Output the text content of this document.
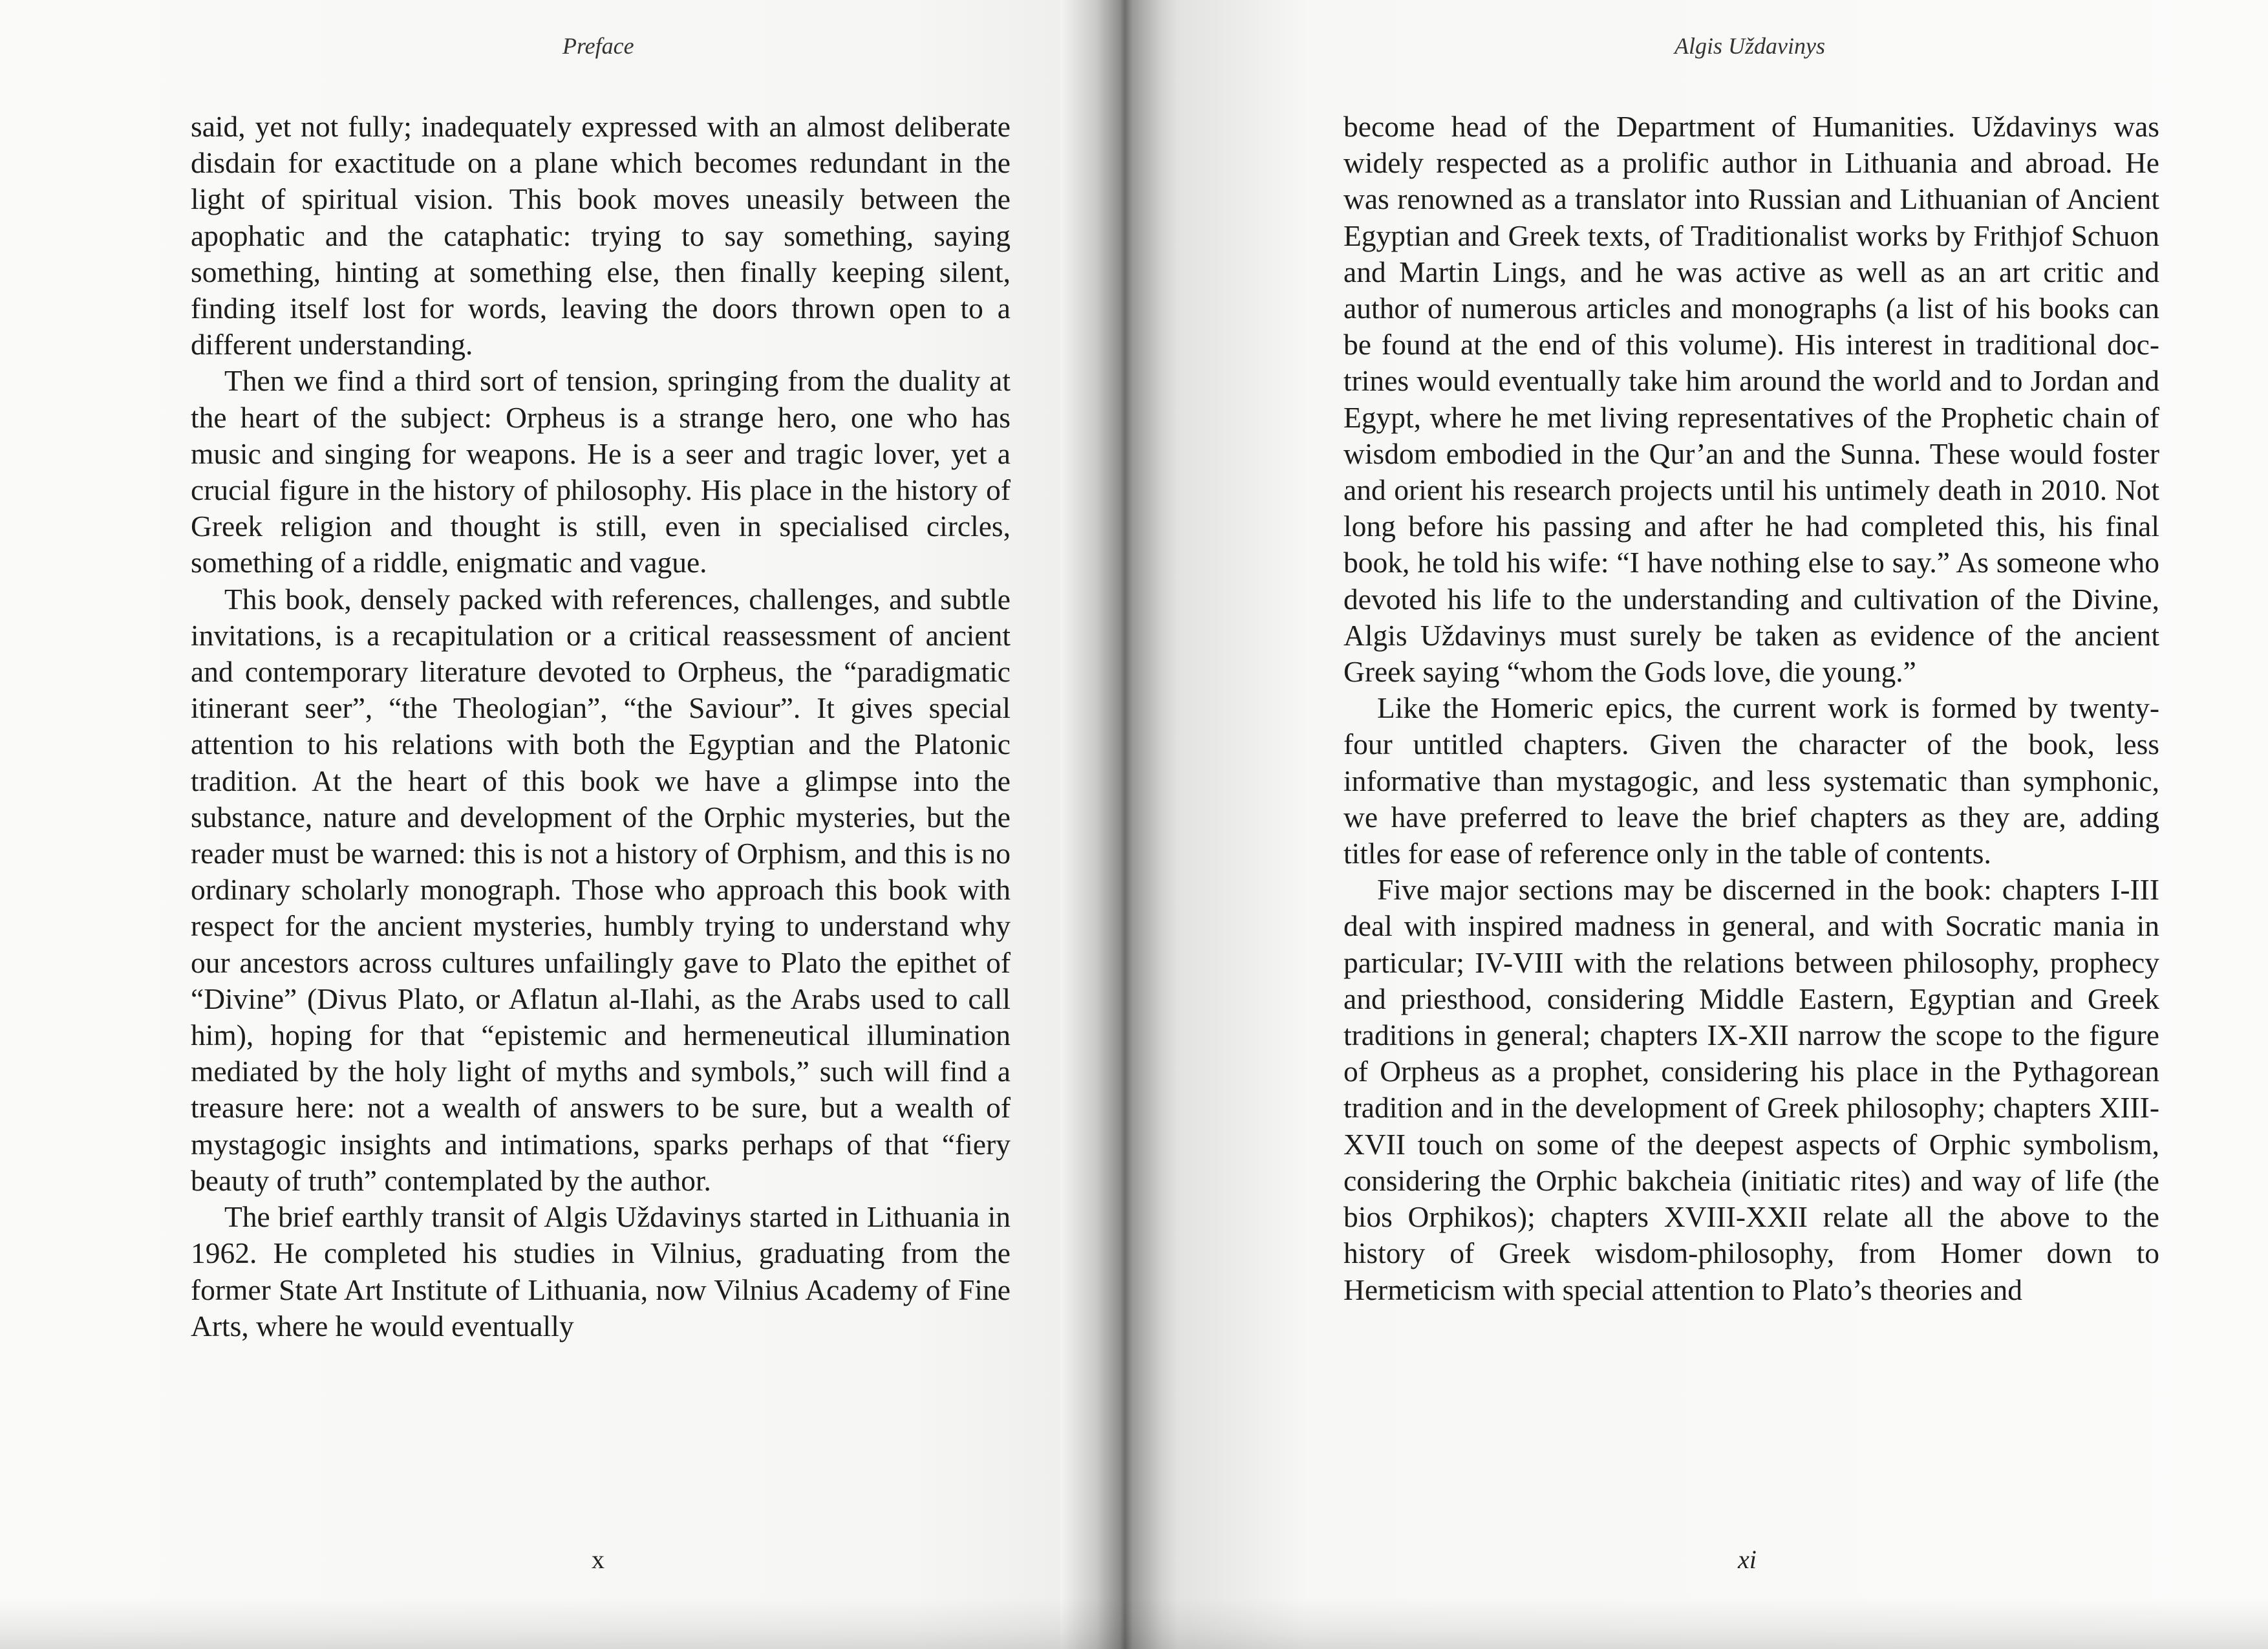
Preface

said, yet not fully; inadequately expressed with an almost deliberate disdain for exactitude on a plane which becomes redundant in the light of spiritual vision. This book moves uneasily between the apophatic and the cataphatic: trying to say something, saying something, hinting at something else, then finally keeping silent, finding itself lost for words, leaving the doors thrown open to a different understanding.

Then we find a third sort of tension, springing from the duality at the heart of the subject: Orpheus is a strange hero, one who has music and singing for weapons. He is a seer and tragic lover, yet a crucial figure in the history of philosophy. His place in the history of Greek religion and thought is still, even in specialised circles, something of a riddle, enigmatic and vague.

This book, densely packed with references, challenges, and subtle invitations, is a recapitulation or a critical reassessment of ancient and contemporary literature devoted to Orpheus, the “paradigmatic itinerant seer”, “the Theologian”, “the Saviour”. It gives special attention to his relations with both the Egyptian and the Platonic tradition. At the heart of this book we have a glimpse into the substance, nature and development of the Orphic mysteries, but the reader must be warned: this is not a history of Orphism, and this is no ordinary scholarly monograph. Those who approach this book with respect for the ancient mysteries, humbly trying to understand why our ancestors across cultures unfailingly gave to Plato the epithet of “Divine” (Divus Plato, or Aflatun al-Ilahi, as the Arabs used to call him), hoping for that “epistemic and hermeneutical illumination mediated by the holy light of myths and symbols,” such will find a treasure here: not a wealth of answers to be sure, but a wealth of mystagogic insights and intimations, sparks perhaps of that “fiery beauty of truth” contemplated by the author.

The brief earthly transit of Algis Uždavinys started in Lithuania in 1962. He completed his studies in Vilnius, graduating from the former State Art Institute of Lithuania, now Vilnius Academy of Fine Arts, where he would eventually

x
Algis Uždavinys

become head of the Department of Humanities. Uždavinys was widely respected as a prolific author in Lithuania and abroad. He was renowned as a translator into Russian and Lithuanian of Ancient Egyptian and Greek texts, of Traditionalist works by Frithjof Schuon and Martin Lings, and he was active as well as an art critic and author of numerous articles and monographs (a list of his books can be found at the end of this volume). His interest in traditional doctrines would eventually take him around the world and to Jordan and Egypt, where he met living representatives of the Prophetic chain of wisdom embodied in the Qur’an and the Sunna. These would foster and orient his research projects until his untimely death in 2010. Not long before his passing and after he had completed this, his final book, he told his wife: “I have nothing else to say.” As someone who devoted his life to the understanding and cultivation of the Divine, Algis Uždavinys must surely be taken as evidence of the ancient Greek saying “whom the Gods love, die young.”

Like the Homeric epics, the current work is formed by twenty-four untitled chapters. Given the character of the book, less informative than mystagogic, and less systematic than symphonic, we have preferred to leave the brief chapters as they are, adding titles for ease of reference only in the table of contents.

Five major sections may be discerned in the book: chapters I-III deal with inspired madness in general, and with Socratic mania in particular; IV-VIII with the relations between philosophy, prophecy and priesthood, considering Middle Eastern, Egyptian and Greek traditions in general; chapters IX-XII narrow the scope to the figure of Orpheus as a prophet, considering his place in the Pythagorean tradition and in the development of Greek philosophy; chapters XIII-XVII touch on some of the deepest aspects of Orphic symbolism, considering the Orphic bakcheia (initiatic rites) and way of life (the bios Orphikos); chapters XVIII-XXII relate all the above to the history of Greek wisdom-philosophy, from Homer down to Hermeticism with special attention to Plato’s theories and

xi
